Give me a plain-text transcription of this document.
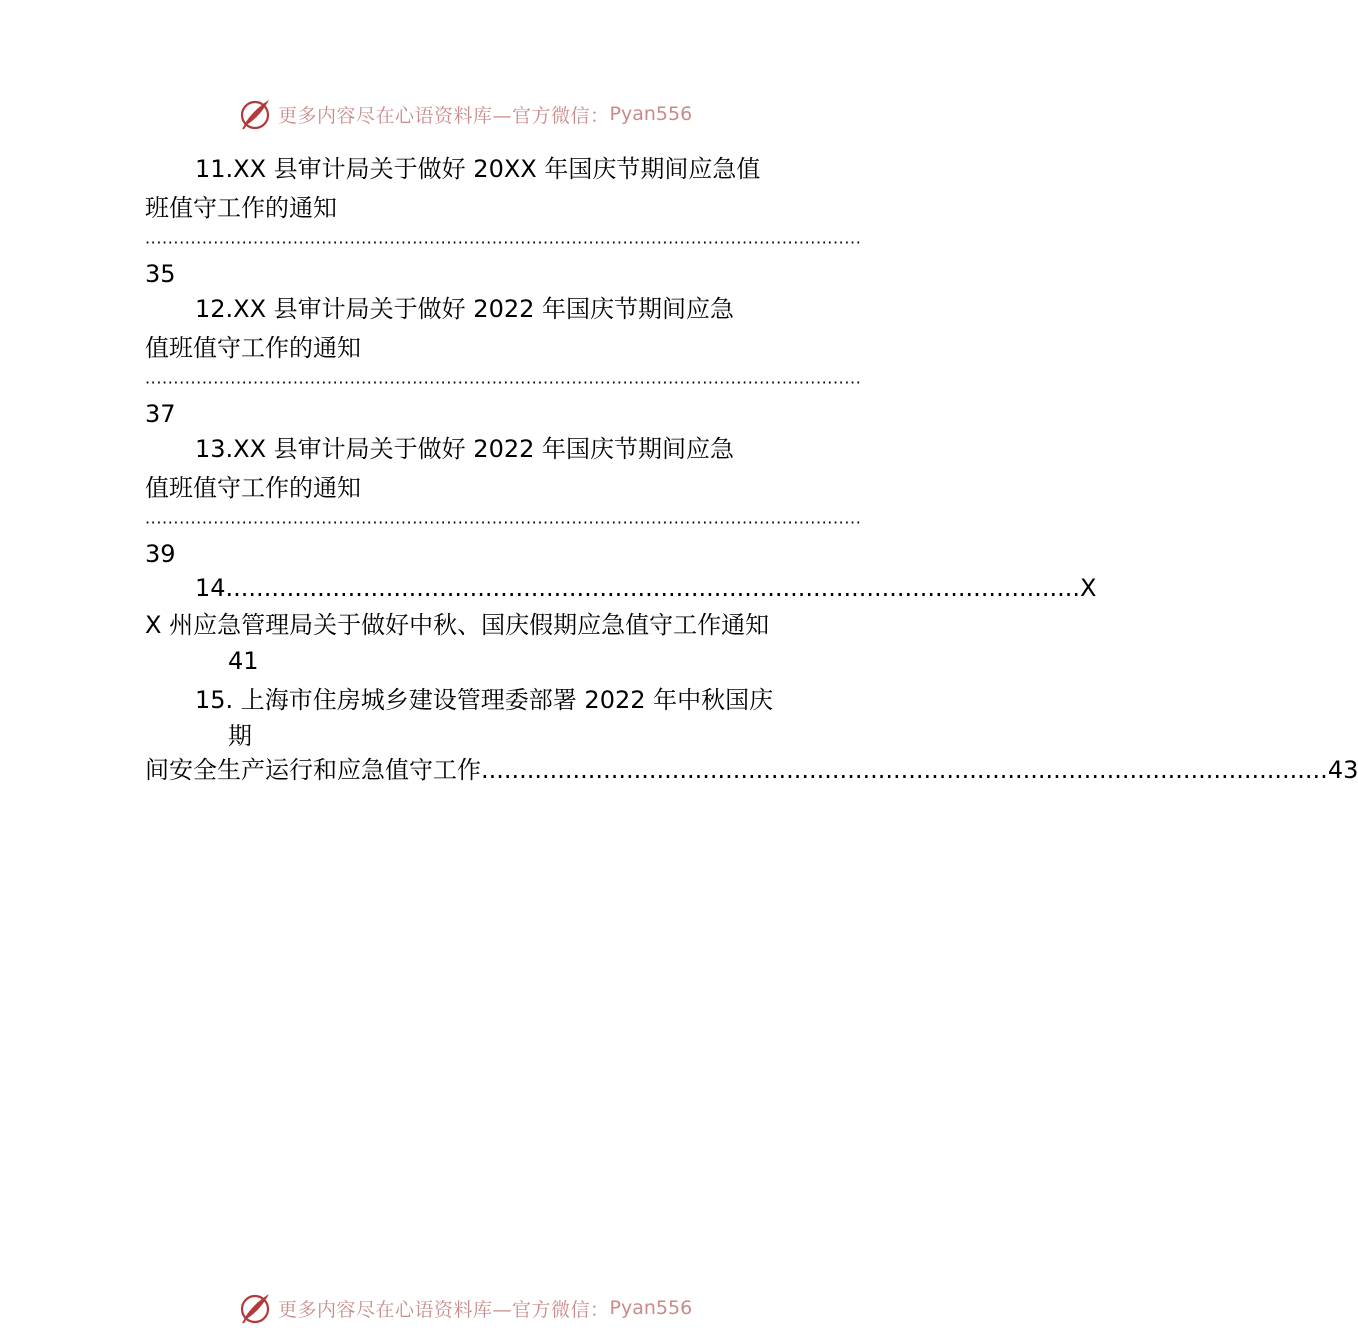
更多内容尽在心语资料库—官方微信： Pyan556
11.XX 县审计局关于做好 20XX 年国庆节期间应急值
班值守工作的通知
······························································································································
35
12.XX 县审计局关于做好 2022 年国庆节期间应急
值班值守工作的通知
······························································································································
37
13.XX 县审计局关于做好 2022 年国庆节期间应急
值班值守工作的通知
······························································································································
39
14. ............................................................................................................... X
X 州应急管理局关于做好中秋、国庆假期应急值守工作通知
41
15. 上海市住房城乡建设管理委部署 2022 年中秋国庆
期
间安全生产运行和应急值守工作 ............................................................................................................... 43
更多内容尽在心语资料库—官方微信： Pyan556
